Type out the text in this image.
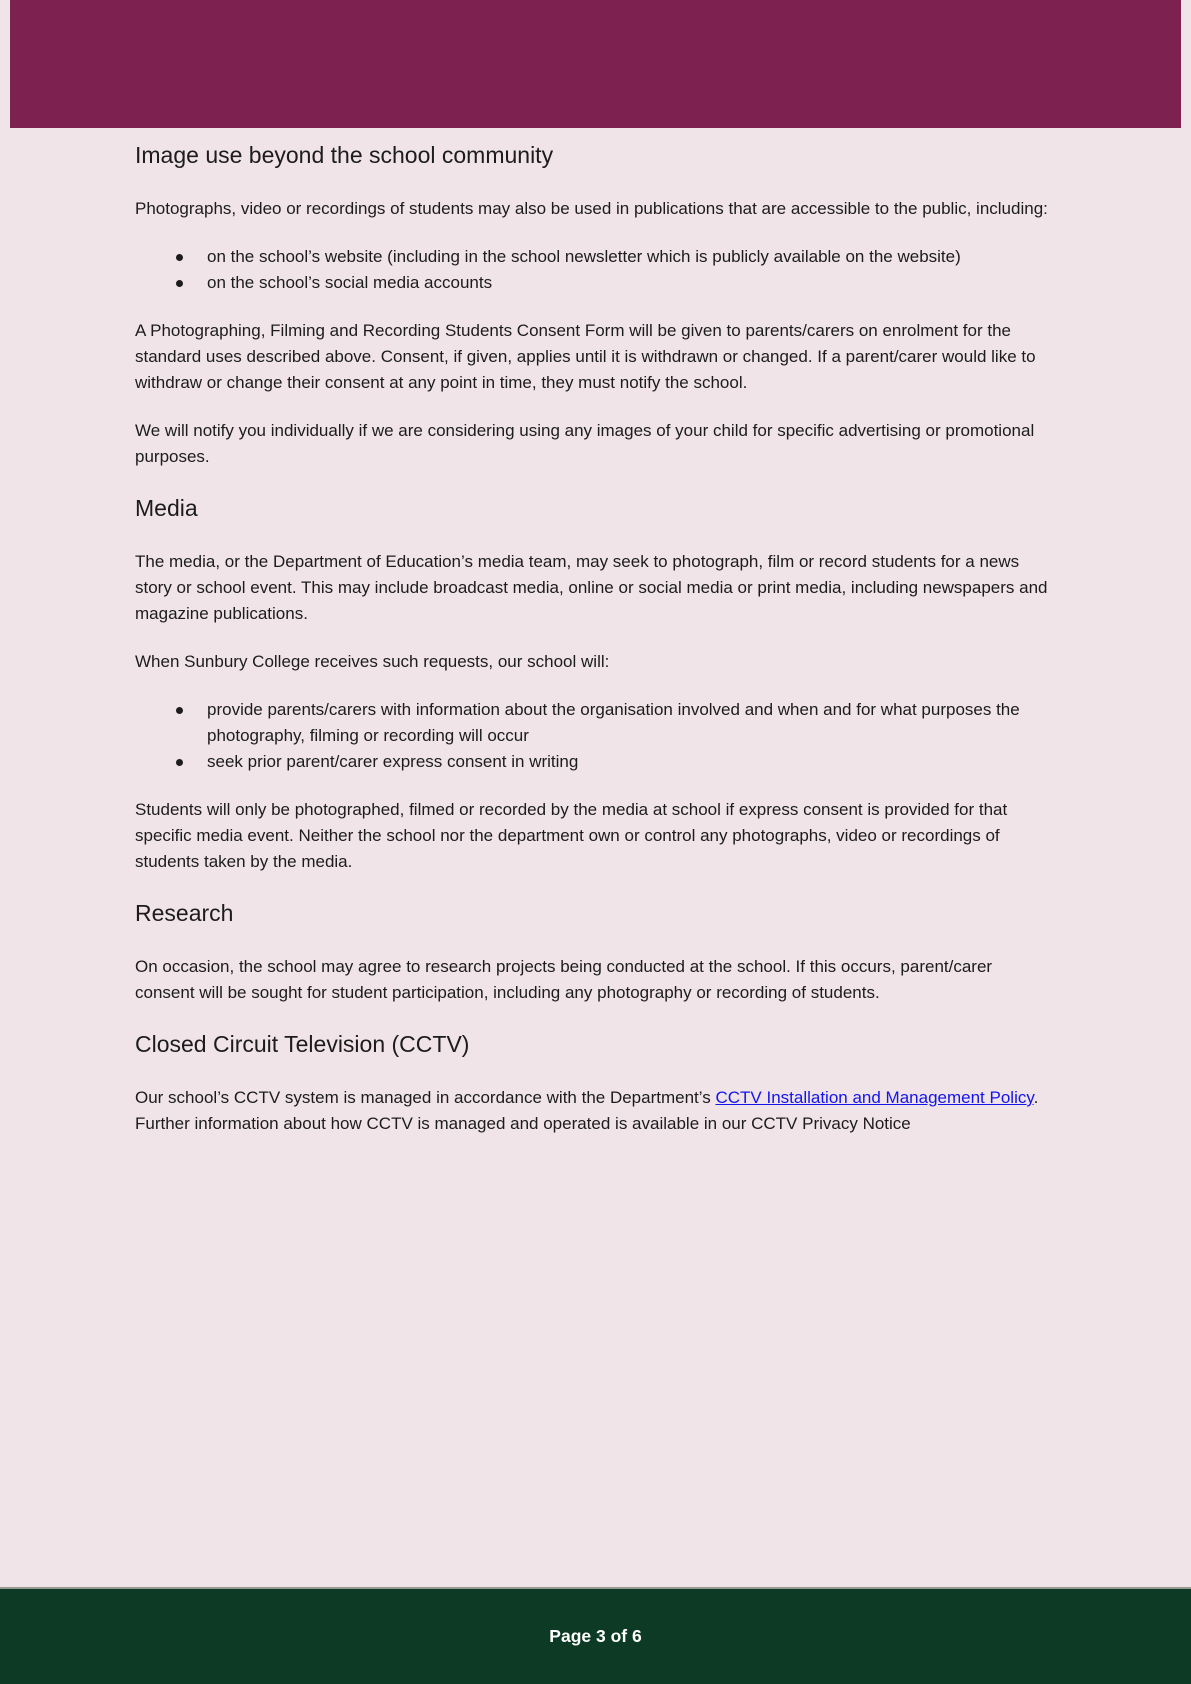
Image use beyond the school community

Photographs, video or recordings of students may also be used in publications that are accessible to the public, including:

on the school’s website (including in the school newsletter which is publicly available on the website)
on the school’s social media accounts

A Photographing, Filming and Recording Students Consent Form will be given to parents/carers on enrolment for the standard uses described above. Consent, if given, applies until it is withdrawn or changed. If a parent/carer would like to withdraw or change their consent at any point in time, they must notify the school.

We will notify you individually if we are considering using any images of your child for specific advertising or promotional purposes.

Media

The media, or the Department of Education’s media team, may seek to photograph, film or record students for a news story or school event. This may include broadcast media, online or social media or print media, including newspapers and magazine publications.

When Sunbury College receives such requests, our school will:

provide parents/carers with information about the organisation involved and when and for what purposes the photography, filming or recording will occur
seek prior parent/carer express consent in writing

Students will only be photographed, filmed or recorded by the media at school if express consent is provided for that specific media event. Neither the school nor the department own or control any photographs, video or recordings of students taken by the media.

Research

On occasion, the school may agree to research projects being conducted at the school. If this occurs, parent/carer consent will be sought for student participation, including any photography or recording of students.

Closed Circuit Television (CCTV)

Our school’s CCTV system is managed in accordance with the Department’s CCTV Installation and Management Policy. Further information about how CCTV is managed and operated is available in our CCTV Privacy Notice

Page 3 of 6
